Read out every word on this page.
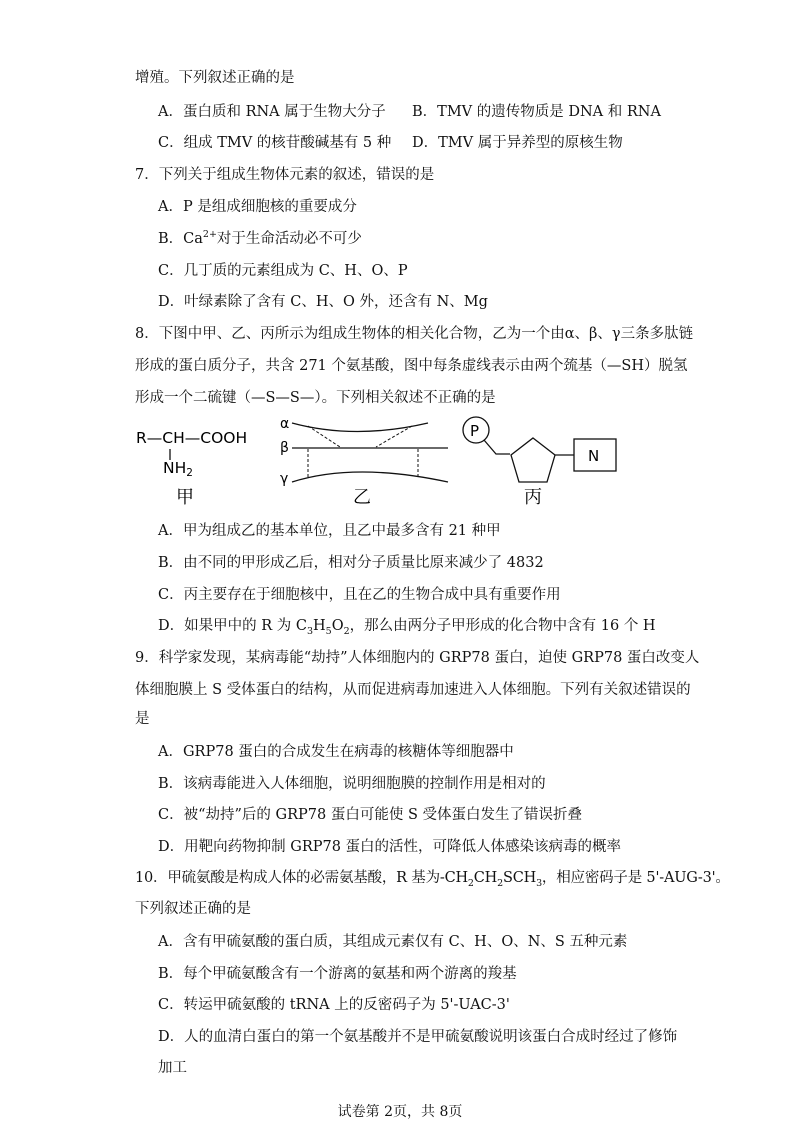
增殖。下列叙述正确的是
A．蛋白质和 RNA 属于生物大分子 B．TMV 的遗传物质是 DNA 和 RNA
C．组成 TMV 的核苷酸碱基有 5 种 D．TMV 属于异养型的原核生物
7．下列关于组成生物体元素的叙述，错误的是
A．P 是组成细胞核的重要成分
B．$Ca^{2+}$对于生命活动必不可少
C．几丁质的元素组成为 C、H、O、P
D．叶绿素除了含有 C、H、O 外，还含有 N、Mg
8．下图中甲、乙、丙所示为组成生物体的相关化合物，乙为一个由α、β、γ三条多肽链
形成的蛋白质分子，共含 271 个氨基酸，图中每条虚线表示由两个巯基（—SH）脱氢
形成一个二硫键（—S—S—）。下列相关叙述不正确的是
R—CH—COOH
NH2
甲
α
β
γ
乙
P
N
丙
A．甲为组成乙的基本单位，且乙中最多含有 21 种甲
B．由不同的甲形成乙后，相对分子质量比原来减少了 4832
C．丙主要存在于细胞核中，且在乙的生物合成中具有重要作用
D．如果甲中的 R 为 $C_3H_5O_2$，那么由两分子甲形成的化合物中含有 16 个 H
9．科学家发现，某病毒能“劫持”人体细胞内的 GRP78 蛋白，迫使 GRP78 蛋白改变人
体细胞膜上 S 受体蛋白的结构，从而促进病毒加速进入人体细胞。下列有关叙述错误的
是
A．GRP78 蛋白的合成发生在病毒的核糖体等细胞器中
B．该病毒能进入人体细胞，说明细胞膜的控制作用是相对的
C．被“劫持”后的 GRP78 蛋白可能使 S 受体蛋白发生了错误折叠
D．用靶向药物抑制 GRP78 蛋白的活性，可降低人体感染该病毒的概率
10．甲硫氨酸是构成人体的必需氨基酸，R 基为$-CH_2CH_2SCH_3$，相应密码子是 5'-AUG-3'。
下列叙述正确的是
A．含有甲硫氨酸的蛋白质，其组成元素仅有 C、H、O、N、S 五种元素
B．每个甲硫氨酸含有一个游离的氨基和两个游离的羧基
C．转运甲硫氨酸的 tRNA 上的反密码子为 5'-UAC-3'
D．人的血清白蛋白的第一个氨基酸并不是甲硫氨酸说明该蛋白合成时经过了修饰
加工
试卷第 2页，共 8页
